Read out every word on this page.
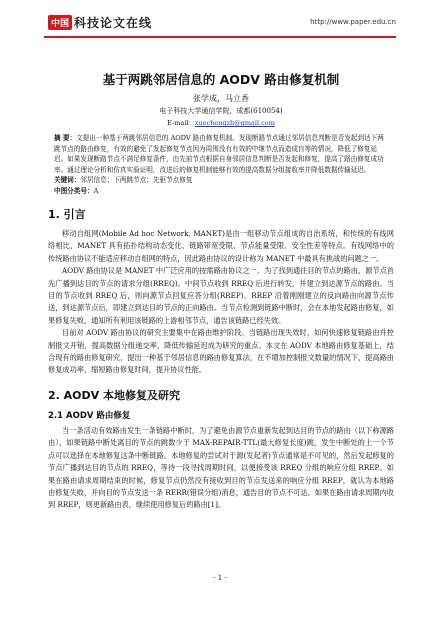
中国 科技论文在线	http://www.paper.edu.cn
基于两跳邻居信息的 AODV 路由修复机制
张学成，马立香
电子科技大学通信学院，成都(610054)
E-mail：xuechengzh@gmail.com
摘 要：文提出一种基于两跳邻居信息的 AODV 路由修复机制。发现断路节点通过邻居信息判断是否发起到达下两跳节点的路由修复，有效的避免了发起修复节点因为周围没有有效的中继节点而造成盲等的情况，降低了修复延迟。如果发现断路节点不满足修复条件，由先前节点根据自身邻居信息判断是否发起和修复，提高了路由修复成功率。通过理论分析和仿真实验证明，改进后的修复机制能够有效的提高数据分组接收率并降低数据传输延迟。
关键词：邻居信息；下两跳节点；先驱节点修复
中图分类号：A
1. 引言

移动自组网(Mobile Ad hoc Network, MANET)是由一组移动节点组成的自治系统，和传统的有线网络相比，MANET 具有拓扑结构动态变化、链路带宽受限、节点能量受限、安全性差等特点。有线网络中的传统路由协议不能适应移动自组网的特点，因此路由协议的设计称为 MANET 中最具有挑战的问题之一。

AODV 路由协议是 MANET 中广泛应用的按需路由协议之一。为了找到通往目的节点的路由，源节点首先广播到达目的节点的请求分组(RREQ)。中间节点收到 RREQ 后进行转发，并建立到达源节点的路由。当目的节点收到 RREQ 后，则向源节点回复应答分组(RREP)。RREP 沿着刚刚建立的反向路由向源节点传送，到达源节点后，即建立到达目的节点的正向路由。当节点检测到链路中断时，会在本地发起路由修复，如果修复失败，通知所有利用该链路的上游相邻节点，通告该链路已经失效。

目前对 AODV 路由协议的研究主要集中在路由维护阶段。当链路出现失效时，如何快速修复链路由并控制报文开销，提高数据分组递交率，降低传输延迟成为研究的重点。本文在 AODV 本地路由修复基础上，结合现有的路由修复研究，提出一种基于邻居信息的路由修复算法，在不增加控制报文数量的情况下，提高路由修复成功率，缩短路由修复时间，提升协议性能。

2. AODV 本地修复及研究
2.1 AODV 路由修复

当一条活动有效路由发生一条链路中断时，为了避免由源节点重新发起到达目的节点的路由（以下称源路由），如果链路中断处离目的节点的跳数少于 MAX-REPAIR-TTL(最大修复长度)跳，发生中断处的上一个节点可以选择在本地修复这条中断链路。本地修复的尝试对于源(发起者)节点通常是不可见的，然后发起修复的节点广播到达目的节点的 RREQ，等待一段寻找周期时间，以便接受该 RREQ 分组的响应分组 RREP。如果在路由请求周期结束的时候，修复节点仍然没有接收到目的节点发送来的响应分组 RREP，就认为本地路由修复失败，并向目的节点发送一条 RERR(错误分组)消息，通告目的节点不可达。如果在路由请求周期内收到 RREP，则更新路由表，继续使用修复后的路由[1]。

- 1 -
